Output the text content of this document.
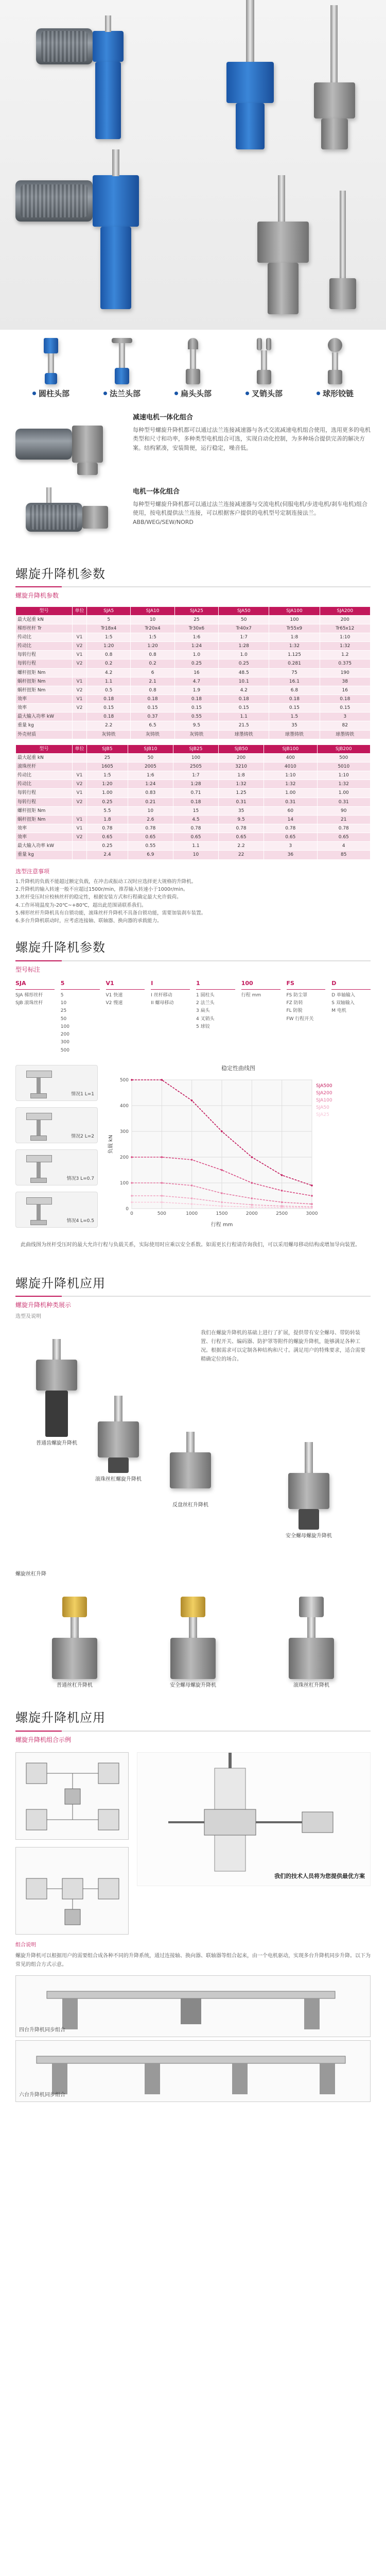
圆柱头部	法兰头部	扁头头部	叉销头部	球形铰链
减速电机一体化组合

每种型号螺旋升降机都可以通过法兰连接减速器与各式交流减速电机组合使用，选用更多的电机类型和尺寸和功率，多种类型电机组合可选，实现自动化控制，为多种场合提供完善的解决方案。结构紧凑，安装简便，运行稳定，噪音低。

电机一体化组合

每种型号螺旋升降机都可以通过法兰连接减速器与交流电机(伺服电机/步进电机/刹车电机)组合使用，按电机提供法兰连接，可以根据客户提供的电机型号定制连接法兰。ABB/WEG/SEW/NORD

螺旋升降机参数
螺旋升降机参数
型号	单位	SJA5	SJA10	SJA25	SJA50	SJA100	SJA200
最大起重 kN		5	10	25	50	100	200
梯形丝杆 Tr		Tr18x4	Tr20x4	Tr30x6	Tr40x7	Tr55x9	Tr65x12
传动比	V1	1:5	1:5	1:6	1:7	1:8	1:10
传动比	V2	1:20	1:20	1:24	1:28	1:32	1:32
每转行程	V1	0.8	0.8	1.0	1.0	1.125	1.2
每转行程	V2	0.2	0.2	0.25	0.25	0.281	0.375
螺杆扭矩 Nm		4.2	6	16	48.5	75	190
蜗杆扭矩 Nm	V1	1.1	2.1	4.7	10.1	16.1	38
蜗杆扭矩 Nm	V2	0.5	0.8	1.9	4.2	6.8	16
效率	V1	0.18	0.18	0.18	0.18	0.18	0.18
效率	V2	0.15	0.15	0.15	0.15	0.15	0.15
最大输入功率 kW		0.18	0.37	0.55	1.1	1.5	3
重量 kg		2.2	6.5	9.5	21.5	35	82
外壳材质		灰铸铁	灰铸铁	灰铸铁	球墨铸铁	球墨铸铁	球墨铸铁
型号	单位	SJB5	SJB10	SJB25	SJB50	SJB100	SJB200
最大起重 kN		25	50	100	200	400	500
滚珠丝杆		1605	2005	2505	3210	4010	5010
传动比	V1	1:5	1:6	1:7	1:8	1:10	1:10
传动比	V2	1:20	1:24	1:28	1:32	1:32	1:32
每转行程	V1	1.00	0.83	0.71	1.25	1.00	1.00
每转行程	V2	0.25	0.21	0.18	0.31	0.31	0.31
螺杆扭矩 Nm		5.5	10	15	35	60	90
蜗杆扭矩 Nm	V1	1.8	2.6	4.5	9.5	14	21
效率	V1	0.78	0.78	0.78	0.78	0.78	0.78
效率	V2	0.65	0.65	0.65	0.65	0.65	0.65
最大输入功率 kW		0.25	0.55	1.1	2.2	3	4
重量 kg		2.4	6.9	10	22	36	85
选型注意事项
1.升降机的负载不能超过额定负载，在冲击或振动工况时应选择更大规格的升降机。
2.升降机的输入转速一般不应超过1500r/min，推荐输入转速小于1000r/min。
3.丝杆受压时应校核丝杆的稳定性，根据安装方式和行程确定最大允许载荷。
4.工作环境温度为-20℃~+80℃，超出此范围请联系我们。
5.梯形丝杆升降机具有自锁功能，滚珠丝杆升降机不具备自锁功能，需要加装刹车装置。
6.多台升降机联动时，应考虑连接轴、联轴器、换向器的承载能力。
螺旋升降机参数
型号标注
SJA
SJA 梯形丝杆
SJB 滚珠丝杆
5
5
10
25
50
100
200
300
500
V1
V1 快速
V2 慢速
I
I 丝杆移动
II 螺母移动
1
1 圆柱头
2 法兰头
3 扁头
4 叉销头
5 球铰
100
行程 mm
FS
FS 防尘罩
FZ 防转
FL 防脱
FW 行程开关
D
D 单轴输入
S 双轴输入
M 电机
情况1 L=1
情况2 L=2
情况3 L=0.7
情况4 L=0.5
稳定性曲线图
0
100
200
300
400
500
0	500	1000	1500	2000	2500	3000
SJA500
SJA200
SJA100
SJA50
SJA25
行程 mm
负载 kN
此曲线图为丝杆受压时的最大允许行程与负载关系，实际使用时应乘以安全系数。如需更长行程请咨询我们，可以采用螺母移动结构或增加导向装置。
螺旋升降机应用
螺旋升降机种类展示
选型及说明
我们在螺旋升降机的基础上进行了扩展，提供带有安全螺母、带防转装置、行程开关、编码器、防护罩等附件的螺旋升降机，能够满足各种工况。根据需求可以定制各种结构和尺寸。满足用户的特殊要求，适合需要精确定位的场合。
普通齿螺旋升降机
滚珠丝杠螺旋升降机
反盘丝杠升降机
安全螺母螺旋升降机
螺旋丝杠升降
普通丝杠升降机	安全螺母螺旋升降机	滚珠丝杠升降机
螺旋升降机应用
螺旋升降机组合示例
我们的技术人员将为您提供最优方案
组合说明
螺旋升降机可以根据用户的需要组合成各种不同的升降系统，通过连接轴、换向器、联轴器等组合起来，由一个电机驱动，实现多台升降机同步升降。以下为常见的组合方式示意。
四台升降机同步组合
六台升降机同步组合
